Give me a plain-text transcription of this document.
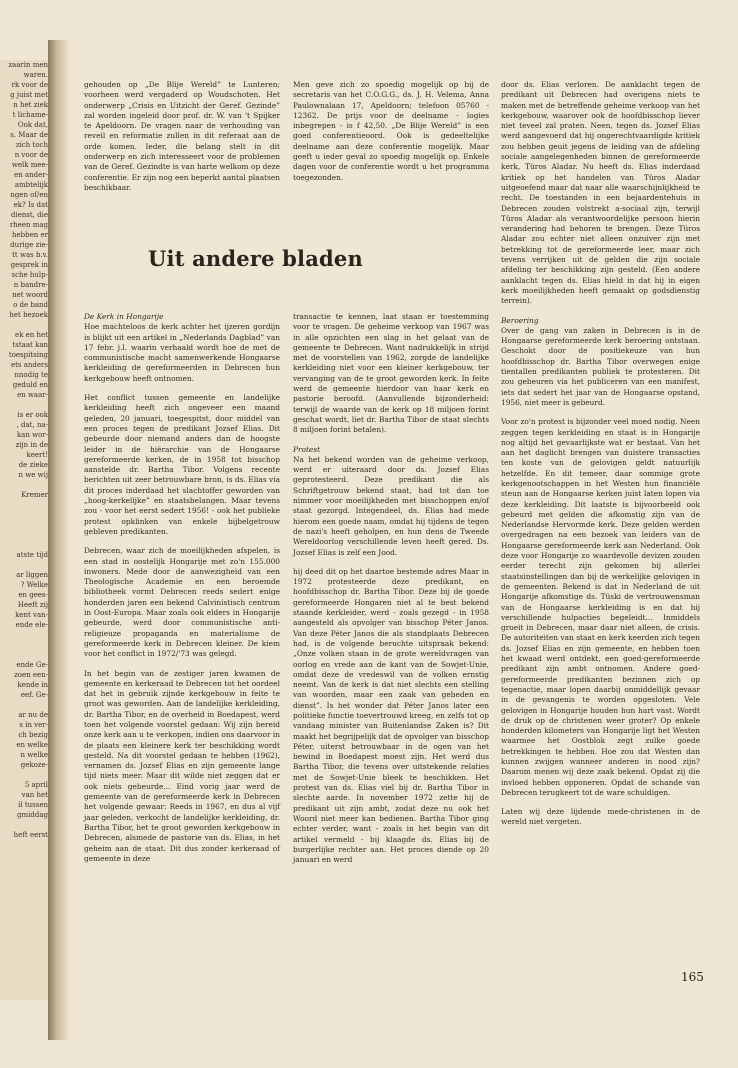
zaarin men

waren.

rk voor de

g juist met

n het ziek

t lichame-

Ook dat,

s. Maar de

zich toch

n voor de

welk mee-

en ander-

ambtelijk

ngen of/en

ek? Is dat

dienst, die

rheen mag

hebben er

durige zie-

tt was b.v.

gesprek in

sche hulp-

n bandre-

net woord

o de band

het bezoek

ek en het

tstaat kan

toespitsing

ets anders

nnodig te

geduld en

en waar-

is er ook

, dat, na-

kan wor-

zijn in de

keert!

de zieke

n we wij

Kremer

atste tijd

ar liggen

? Welke

en gees-

Heeft zij

kent van-

ende ele-

ende Ge-

zoen een-

kende in

eef. Ge-

ar nu de

s in ver-

ch bezig

en welke

n welke

gekoze-

5 april

van het

il tussen

gmiddag

heft eerst

gehouden op „De Blije Wereld” te Lunteren; voorheen werd vergaderd op Woudschoten. Het onderwerp „Crisis en Uitzicht der Geref. Gezinde” zal worden ingeleid door prof. dr. W. van 't Spijker te Apeldoorn. De vragen naar de verhouding van reveil en reformatie zullen in dit referaat aan de orde komen. Ieder, die belang stelt in dit onderwerp en zich interesseert voor de problemen van de Geref. Gezindte is van harte welkom op deze conferentie. Er zijn nog een beperkt aantal plaatsen beschikbaar.

Uit andere bladen

De Kerk in Hongarije

Hoe machteloos de kerk achter het ijzeren gordijn is blijkt uit een artikel in „Nederlands Dagblad” van 17 febr. j.l. waarin verhaald wordt hoe de met de communistische macht samenwerkende Hongaarse kerkleiding de gereformeerden in Debrecen hun kerkgebouw heeft ontnomen.

Het conflict tussen gemeente en landelijke kerkleiding heeft zich ongeveer een maand geleden, 20 januari, toegespitst, door middel van een proces tegen de predikant Jozsef Elias. Dit gebeurde door niemand anders dan de hoogste leider in de hiërarchie van de Hongaarse gereformeerde kerken, de in 1958 tot bisschop aanstelde dr. Bartha Tibor. Volgens recente berichten uit zeer betrouwbare bron, is ds. Elias via dit proces inderdaad het slachtoffer geworden van „hoog-kerkelijke” en staatsbelangen. Maar tevens zou - voor het eerst sedert 1956! - ook het publieke protest opklinken van enkele bijbelgetrouw gebleven predikanten.

Debrecen, waar zich de moeilijkheden afspelen, is een stad in oostelijk Hongarije met zo'n 155.000 inwoners. Mede door de aanwezigheid van een Theologische Academie en een beroemde bibliotheek vormt Debrecen reeds sedert enige honderden jaren een bekend Calvinistisch centrum in Oost-Europa. Maar zoals ook elders in Hongarije gebeurde, werd door communistische anti-religieuze propaganda en materialisme de gereformeerde kerk in Debrecen kleiner. De kiem voor het conflict in 1972/'73 was gelegd.

In het begin van de zestiger jaren kwamen de gemeente en kerkeraad te Debrecen tot het oordeel dat het in gebruik zijnde kerkgebouw in feite te groot was geworden. Aan de landelijke kerkleiding, dr. Bartha Tibor, en de overheid in Boedapest, werd toen het volgende voorstel gedaan: Wij zijn bereid onze kerk aan u te verkopen, indien ons daarvoor in de plaats een kleinere kerk ter beschikking wordt gesteld. Na dit voorstel gedaan te hebben (1962), vernamen ds. Jozsef Elias en zijn gemeente lange tijd niets meer. Maar dit wilde niet zeggen dat er ook niets gebeurde... Eind vorig jaar werd de gemeente van de gereformeerde kerk in Debrecen het volgende gewaar: Reeds in 1967, en dus al vijf jaar geleden, verkocht de landelijke kerkleiding, dr. Bartha Tibor, het te groot geworden kerkgebouw in Debrecen, alsmede de pastorie van ds. Elias, in het geheim aan de staat. Dit dus zonder kerkeraad of gemeente in deze

Men geve zich zo spoedig mogelijk op bij de secretaris van het C.O.G.G., ds. J. H. Velema, Anna Paulownalaan 17, Apeldoorn; telefoon 05760 - 12362. De prijs voor de deelname - logies inbegrepen - is f 42,50. „De Blije Wereld” is een goed conferentieoord. Ook is gedeeltelijke deelname aan deze conferentie mogelijk. Maar geeft u ieder geval zo spoedig mogelijk op. Enkele dagen voor de conferentie wordt u het programma toegezonden.

transactie te kennen, laat staan er toestemming voor te vragen. De geheime verkoop van 1967 was in alle opzichten een slag in het gelaat van de gemeente te Debrecen. Want nadrukkelijk in strijd met de voorstellen van 1962, zorgde de landelijke kerkleiding niet voor een kleiner kerkgebouw, ter vervanging van de te groot geworden kerk. In feite werd de gemeente hierdoor van haar kerk en pastorie beroofd. (Aanvullende bijzonderheid: terwijl de waarde van de kerk op 18 miljoen forint geschat wordt, liet dr. Bartha Tibor de staat slechts 8 miljoen forint betalen).

Protest

Na het bekend worden van de geheime verkoop, werd er uiteraard door ds. Jozsef Elias geprotesteerd. Deze predikant die als Schriftgetrouw bekend staat, had tot dan toe nimmer voor moeilijkheden met bisschoppen en/of staat gezorgd. Integendeel, ds. Elias had mede hierom een goede naam, omdat hij tijdens de tegen de nazi's heeft geholpen, en hun dens de Tweede Wereldoorlog verschillende leven heeft gered. Ds. Jozsef Elias is zelf een Jood.

hij deed dit op het daartoe bestemde adres Maar in 1972 protesteerde deze predikant, en hoofdbisschop dr. Bartha Tibor. Deze bij de goede gereformeerde Hongaren niet al te best bekend staande kerkleider, werd - zoals gezegd - in 1958 aangesteld als opvolger van bisschop Péter Janos. Van deze Péter Janos die als standplaats Debrecen had, is de volgende beruchte uitspraak bekend: „Onze volken staan in de grote wereldvragen van oorlog en vrede aan de kant van de Sowjet-Unie, omdat deze de vredeswil van de volken ernstig neemt. Van de kerk is dat niet slechts een stelling van woorden, maar een zaak van gebeden en dienst”. Is het wonder dat Péter Janos later een politieke functie toevertrouwd kreeg, en zelfs tot op vandaag minister van Buitenlandse Zaken is? Dit maakt het begrijpelijk dat de opvolger van bisschop Péter, uiterst betrouwbaar in de ogen van het bewind in Boedapest moest zijn. Het werd dus Bartha Tibor, die tevens over uitstekende relaties met de Sowjet-Unie bleek te beschikken. Het protest van ds. Elias viel bij dr. Bartha Tibor in slechte aarde. In november 1972 zette hij de predikant uit zijn ambt, zodat deze nu ook het Woord niet meer kan bedienen. Bartha Tibor ging echter verder, want - zoals in het begin van dit artikel vermeld - bij klaagde ds. Elias bij de burgerlijke rechter aan. Het proces diende op 20 januari en werd

door ds. Elias verloren. De aanklacht tegen de predikant uit Debrecen had overigens niets te maken met de betreffende geheime verkoop van het kerkgebouw, waarover ook de hoofdbisschop liever niet teveel zal praten. Neen, tegen ds. Jozsef Elias werd aangevoerd dat hij ongerechtvaardigde kritiek zou hebben geuit jegens de leiding van de afdeling sociale aangelegenheden binnen de gereformeerde kerk, Türos Aladar. Nu heeft ds. Elias inderdaad kritiek op het handelen van Türos Aladar uitgeoefend maar dat naar alle waarschijnlijkheid te recht. De toestanden in een bejaardentehuis in Debrecen zouden volstrekt a-sociaal zijn, terwijl Türos Aladar als verantwoordelijke persoon hierin verandering had behoren te brengen. Deze Türos Aladar zou echter niet alleen onzuiver zijn met betrekking tot de gereformeerde leer, maar zich tevens verrijken uit de gelden die zijn sociale afdeling ter beschikking zijn gesteld. (Een andere aanklacht tegen ds. Elias hield in dat hij in eigen kerk moeilijkheden heeft gemaakt op godsdienstig terrein).

Beroering

Over de gang van zaken in Debrecen is in de Hongaarse gereformeerde kerk beroering ontstaan. Geschokt door de positiekeuze van hun hoofdbisschop dr. Bartha Tibor overwegen enige tientallen predikanten publiek te protesteren. Dit zou gebeuren via het publiceren van een manifest, iets dat sedert het jaar van de Hongaarse opstand, 1956, niet meer is gebeurd.

Voor zo'n protest is bijzonder veel moed nodig. Neen zeggen tegen kerkleiding en staat is in Hongarije nog altijd het gevaarlijkste wat er bestaat. Van het aan het daglicht brengen van duistere transacties ten koste van de gelovigen geldt natuurlijk hetzelfde. En dit temeer, daar sommige grote kerkgenootschappen in het Westen hun financiële steun aan de Hongaarse kerken juist laten lopen via deze kerkleiding. Dit laatste is bijvoorbeeld ook gebeurd met gelden die afkomstig zijn van de Nederlandse Hervormde kerk. Deze gelden werden overgedragen na een bezoek van leiders van de Hongaarse gereformeerde kerk aan Nederland. Ook deze voor Hongarije zo waardevolle devizen zouden eerder terecht zijn gekomen bij allerlei staatsinstellingen dan bij de werkelijke gelovigen in de gemeenten. Bekend is dat in Nederland de uit Hongarije afkomstige ds. Tüski de vertrouwensman van de Hongaarse kerkleiding is en dat hij verschillende hulpacties begeleidt... Inmiddels groeit in Debrecen, maar daar niet alleen, de crisis. De autoriteiten van staat en kerk keerden zich tegen ds. Jozsef Elias en zijn gemeente, en hebben toen het kwaad werd ontdekt, een goed-gereformeerde predikant zijn ambt ontnomen. Andere goed-gereformeerde predikanten bezinnen zich op tegenactie, maar lopen daarbij onmiddellijk gevaar in de gevangenis te worden opgesloten. Vele gelovigen in Hongarije houden hun hart vast. Wordt de druk op de christenen weer groter? Op enkele honderden kilometers van Hongarije ligt het Westen waarmee het Oostblok zegt zulke goede betrekkingen te hebben. Hoe zou dat Westen dan kunnen zwijgen wanneer anderen in nood zijn? Daarom menen wij deze zaak bekend. Opdat zij die invloed hebben opponeren. Opdat de schande van Debrecen terugkeert tot de ware schuldigen.

Laten wij deze lijdende mede-christenen in de wereld niet vergeten.

165
